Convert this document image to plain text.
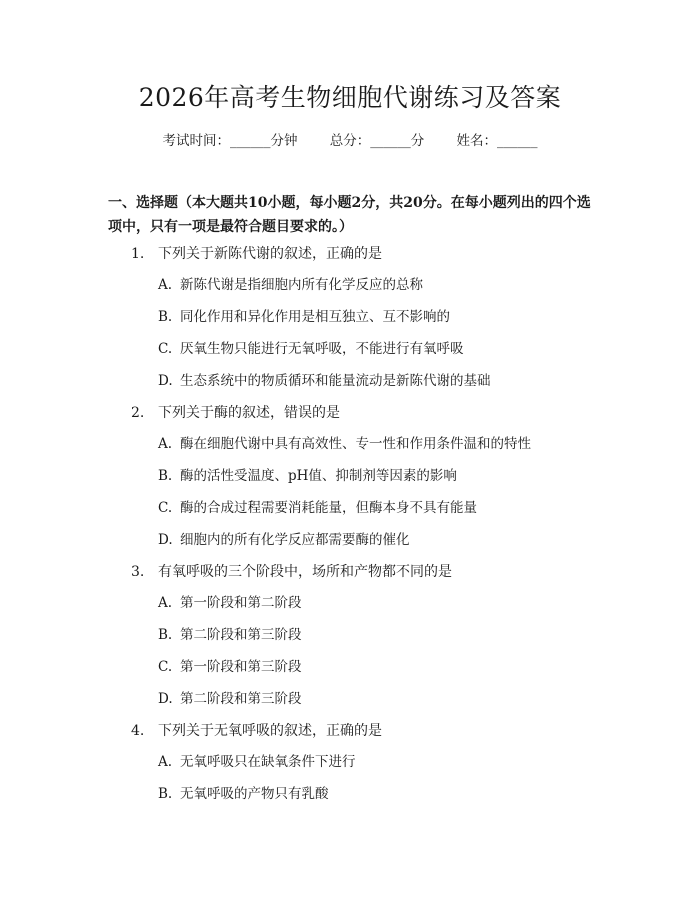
2026年高考生物细胞代谢练习及答案
考试时间：______分钟 总分：______分 姓名：______
一、选择题（本大题共10小题，每小题2分，共20分。在每小题列出的四个选项中，只有一项是最符合题目要求的。）
1. 下列关于新陈代谢的叙述，正确的是
A. 新陈代谢是指细胞内所有化学反应的总称
B. 同化作用和异化作用是相互独立、互不影响的
C. 厌氧生物只能进行无氧呼吸，不能进行有氧呼吸
D. 生态系统中的物质循环和能量流动是新陈代谢的基础
2. 下列关于酶的叙述，错误的是
A. 酶在细胞代谢中具有高效性、专一性和作用条件温和的特性
B. 酶的活性受温度、pH值、抑制剂等因素的影响
C. 酶的合成过程需要消耗能量，但酶本身不具有能量
D. 细胞内的所有化学反应都需要酶的催化
3. 有氧呼吸的三个阶段中，场所和产物都不同的是
A. 第一阶段和第二阶段
B. 第二阶段和第三阶段
C. 第一阶段和第三阶段
D. 第二阶段和第三阶段
4. 下列关于无氧呼吸的叙述，正确的是
A. 无氧呼吸只在缺氧条件下进行
B. 无氧呼吸的产物只有乳酸
